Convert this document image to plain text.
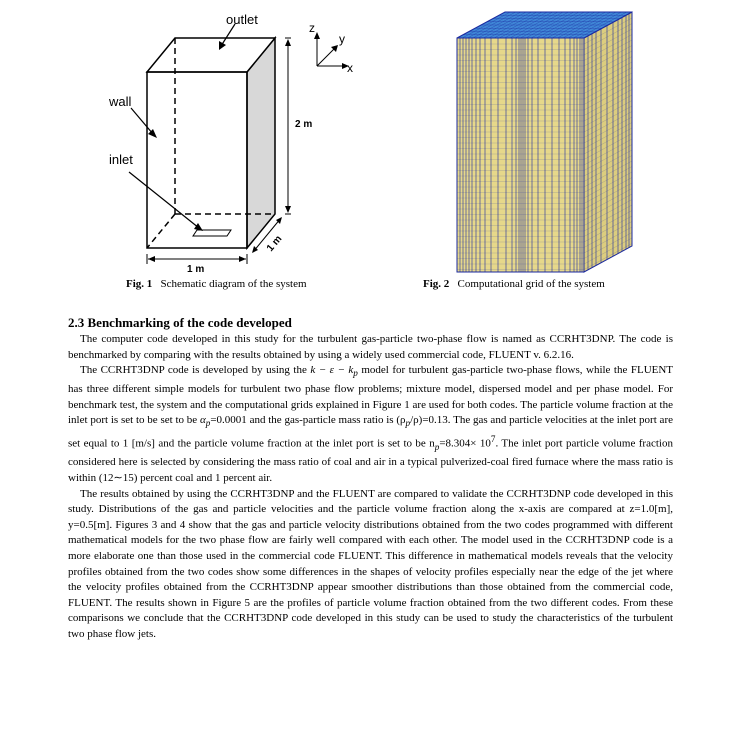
outlet
wall
inlet
2 m
1 m
1 m
z
y
x
Fig. 1 Schematic diagram of the system	Fig. 2 Computational grid of the system
2.3 Benchmarking of the code developed

The computer code developed in this study for the turbulent gas-particle two-phase flow is named as CCRHT3DNP. The code is benchmarked by comparing with the results obtained by using a widely used commercial code, FLUENT v. 6.2.16.

The CCRHT3DNP code is developed by using the $k - \varepsilon - k_p$ model for turbulent gas-particle two-phase flows, while the FLUENT has three different simple models for turbulent two phase flow problems; mixture model, dispersed model and per phase model. For benchmark test, the system and the computational grids explained in Figure 1 are used for both codes. The particle volume fraction at the inlet port is set to be set to be $\alpha_p=0.0001$ and the gas-particle mass ratio is $(\rho_p/\rho)=0.13$. The gas and particle velocities at the inlet port are set equal to 1 [m/s] and the particle volume fraction at the inlet port is set to be $n_p=8.304\times 10^7$. The inlet port particle volume fraction considered here is selected by considering the mass ratio of coal and air in a typical pulverized-coal fired furnace where the mass ratio is within (12∼15) percent coal and 1 percent air.

The results obtained by using the CCRHT3DNP and the FLUENT are compared to validate the CCRHT3DNP code developed in this study. Distributions of the gas and particle velocities and the particle volume fraction along the x-axis are compared at z=1.0[m], y=0.5[m]. Figures 3 and 4 show that the gas and particle velocity distributions obtained from the two codes programmed with different mathematical models for the two phase flow are fairly well compared with each other. The model used in the CCRHT3DNP code is a more elaborate one than those used in the commercial code FLUENT. This difference in mathematical models reveals that the velocity profiles obtained from the two codes show some differences in the shapes of velocity profiles especially near the edge of the jet where the velocity profiles obtained from the CCRHT3DNP appear smoother distributions than those obtained from the commercial code, FLUENT. The results shown in Figure 5 are the profiles of particle volume fraction obtained from the two different codes. From these comparisons we conclude that the CCRHT3DNP code developed in this study can be used to study the characteristics of the turbulent two phase flow jets.
